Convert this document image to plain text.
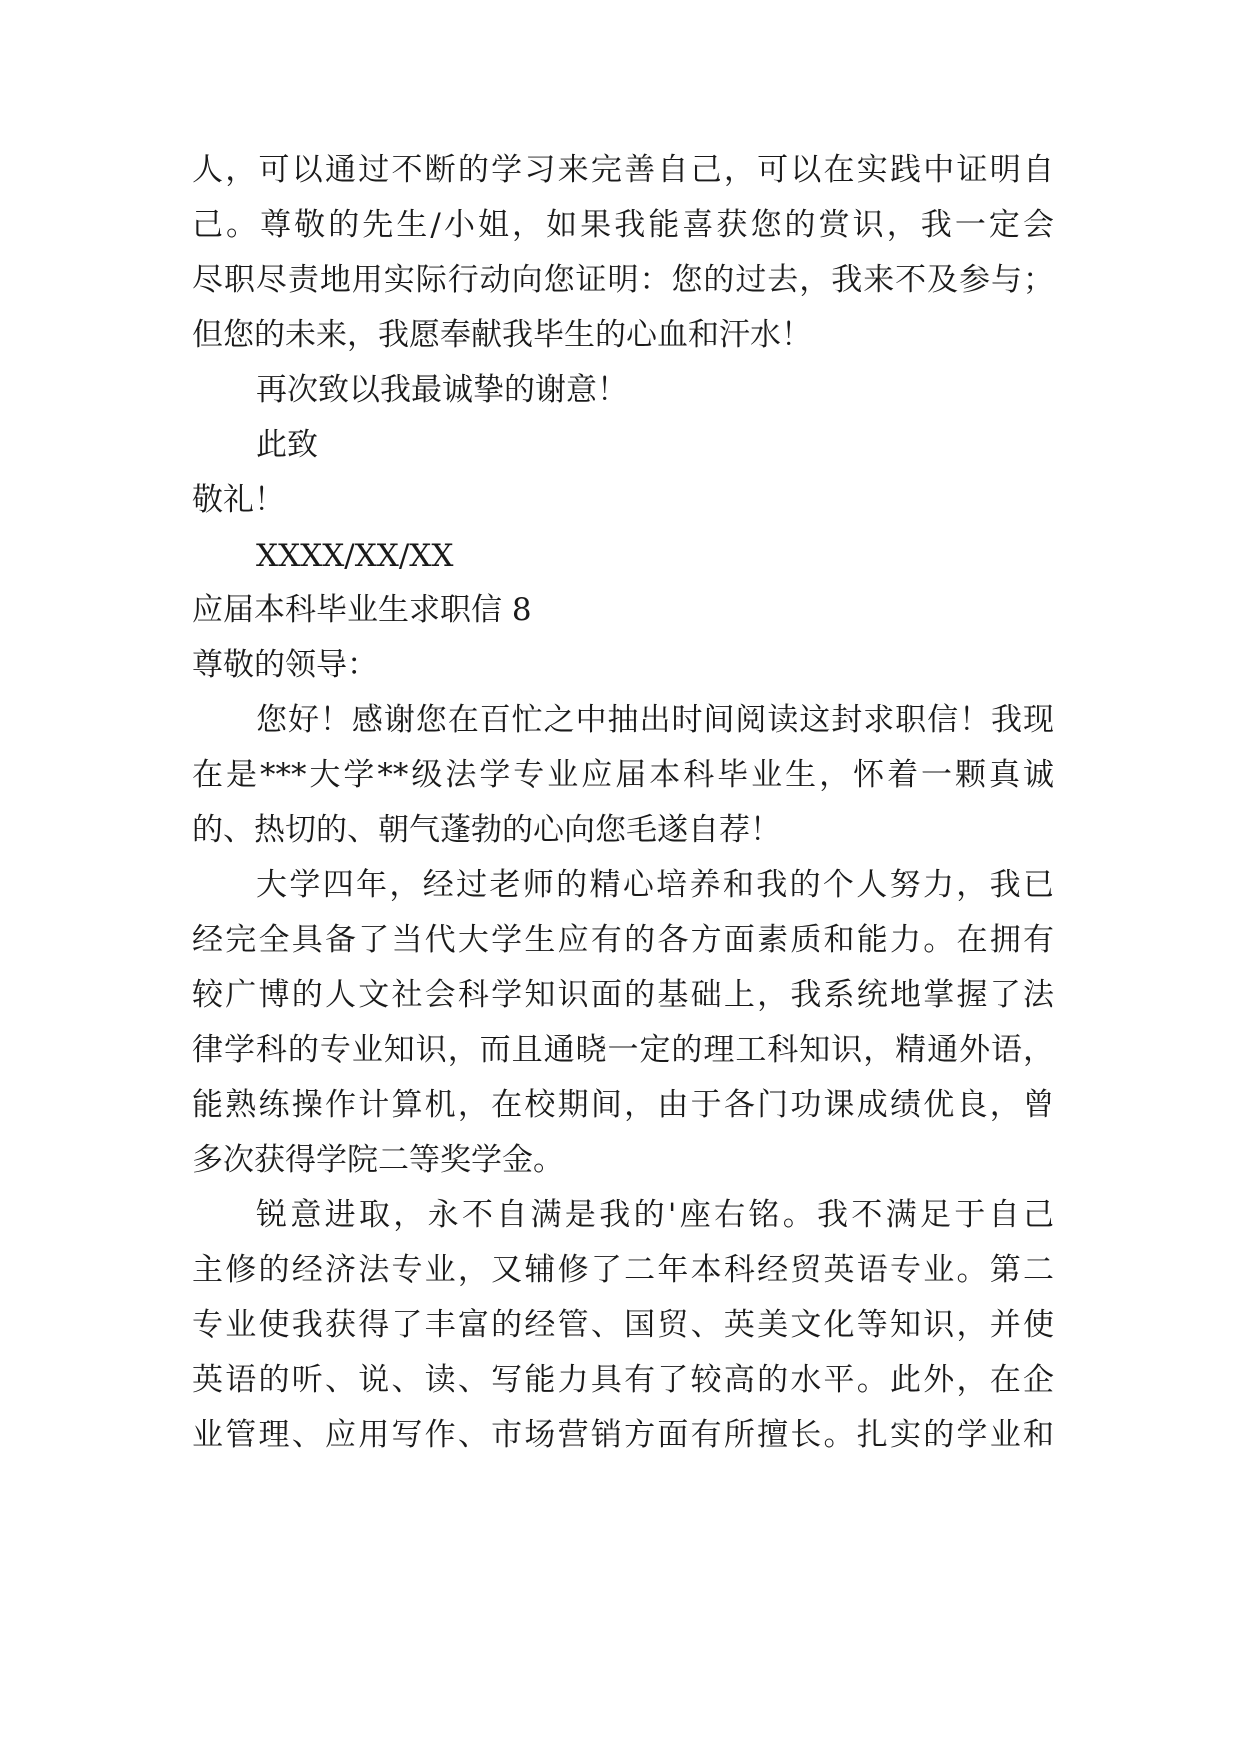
人，可以通过不断的学习来完善自己，可以在实践中证明自
己。尊敬的先生/小姐，如果我能喜获您的赏识，我一定会
尽职尽责地用实际行动向您证明：您的过去，我来不及参与；
但您的未来，我愿奉献我毕生的心血和汗水！
再次致以我最诚挚的谢意！
此致
敬礼！
XXXX/XX/XX
应届本科毕业生求职信 8
尊敬的领导：
您好！感谢您在百忙之中抽出时间阅读这封求职信！我现
在是***大学**级法学专业应届本科毕业生，怀着一颗真诚
的、热切的、朝气蓬勃的心向您毛遂自荐！
大学四年，经过老师的精心培养和我的个人努力，我已
经完全具备了当代大学生应有的各方面素质和能力。在拥有
较广博的人文社会科学知识面的基础上，我系统地掌握了法
律学科的专业知识，而且通晓一定的理工科知识，精通外语，
能熟练操作计算机，在校期间，由于各门功课成绩优良，曾
多次获得学院二等奖学金。
锐意进取，永不自满是我的'座右铭。我不满足于自己
主修的经济法专业，又辅修了二年本科经贸英语专业。第二
专业使我获得了丰富的经管、国贸、英美文化等知识，并使
英语的听、说、读、写能力具有了较高的水平。此外，在企
业管理、应用写作、市场营销方面有所擅长。扎实的学业和
